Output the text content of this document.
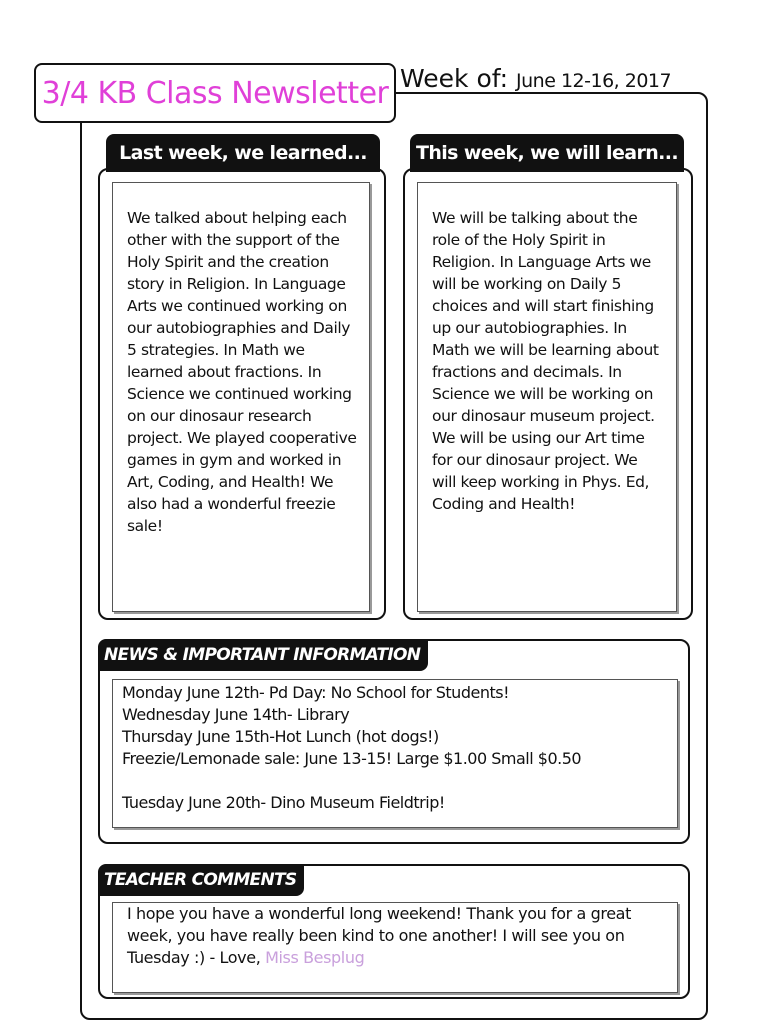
3/4 KB Class Newsletter Week of: June 12-16, 2017

We talked about helping each other with the support of the Holy Spirit and the creation story in Religion. In Language Arts we continued working on our autobiographies and Daily 5 strategies. In Math we learned about fractions. In Science we continued working on our dinosaur research project. We played cooperative games in gym and worked in Art, Coding, and Health! We also had a wonderful freezie sale!

Last week, we learned...

We will be talking about the role of the Holy Spirit in Religion. In Language Arts we will be working on Daily 5 choices and will start finishing up our autobiographies. In Math we will be learning about fractions and decimals. In Science we will be working on our dinosaur museum project. We will be using our Art time for our dinosaur project. We will keep working in Phys. Ed, Coding and Health!

This week, we will learn...
NEWS & IMPORTANT INFORMATION

Monday June 12th- Pd Day: No School for Students!

Wednesday June 14th- Library

Thursday June 15th-Hot Lunch (hot dogs!)

Freezie/Lemonade sale: June 13-15! Large $1.00 Small $0.50

Tuesday June 20th- Dino Museum Fieldtrip!

TEACHER COMMENTS

I hope you have a wonderful long weekend! Thank you for a great week, you have really been kind to one another! I will see you on Tuesday :) - Love, Miss Besplug
